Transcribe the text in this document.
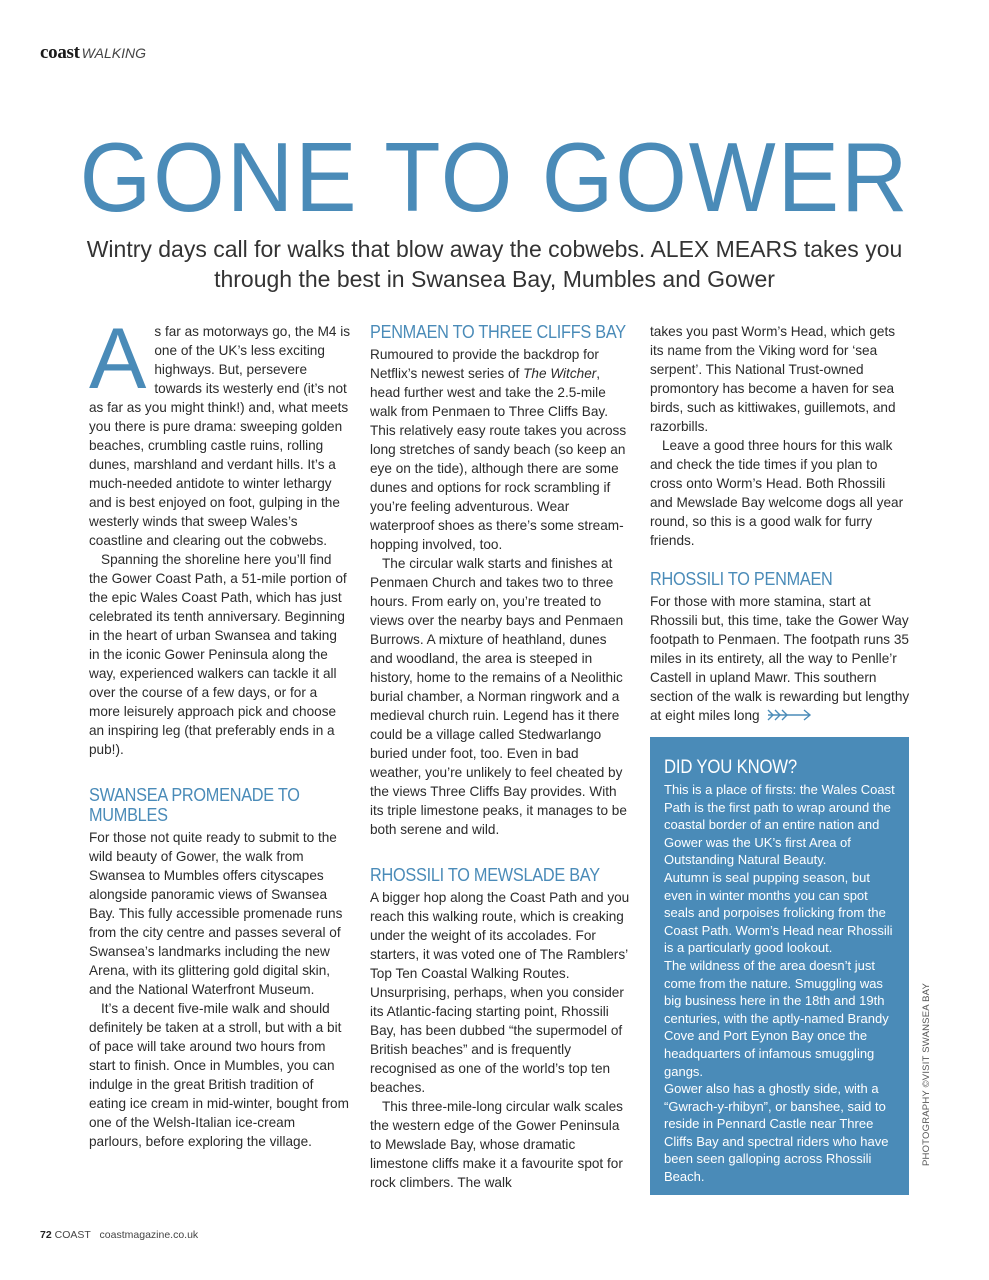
coast WALKING
GONE TO GOWER

Wintry days call for walks that blow away the cobwebs. ALEX MEARS takes you through the best in Swansea Bay, Mumbles and Gower

As far as motorways go, the M4 is one of the UK’s less exciting highways. But, persevere towards its westerly end (it’s not as far as you might think!) and, what meets you there is pure drama: sweeping golden beaches, crumbling castle ruins, rolling dunes, marshland and verdant hills. It’s a much-needed antidote to winter lethargy and is best enjoyed on foot, gulping in the westerly winds that sweep Wales’s coastline and clearing out the cobwebs.

Spanning the shoreline here you’ll find the Gower Coast Path, a 51-mile portion of the epic Wales Coast Path, which has just celebrated its tenth anniversary. Beginning in the heart of urban Swansea and taking in the iconic Gower Peninsula along the way, experienced walkers can tackle it all over the course of a few days, or for a more leisurely approach pick and choose an inspiring leg (that preferably ends in a pub!).

SWANSEA PROMENADE TO MUMBLES

For those not quite ready to submit to the wild beauty of Gower, the walk from Swansea to Mumbles offers cityscapes alongside panoramic views of Swansea Bay. This fully accessible promenade runs from the city centre and passes several of Swansea’s landmarks including the new Arena, with its glittering gold digital skin, and the National Waterfront Museum.

It’s a decent five-mile walk and should definitely be taken at a stroll, but with a bit of pace will take around two hours from start to finish. Once in Mumbles, you can indulge in the great British tradition of eating ice cream in mid-winter, bought from one of the Welsh-Italian ice-cream parlours, before exploring the village.

PENMAEN TO THREE CLIFFS BAY

Rumoured to provide the backdrop for Netflix’s newest series of The Witcher, head further west and take the 2.5-mile walk from Penmaen to Three Cliffs Bay. This relatively easy route takes you across long stretches of sandy beach (so keep an eye on the tide), although there are some dunes and options for rock scrambling if you’re feeling adventurous. Wear waterproof shoes as there’s some stream-hopping involved, too.

The circular walk starts and finishes at Penmaen Church and takes two to three hours. From early on, you’re treated to views over the nearby bays and Penmaen Burrows. A mixture of heathland, dunes and woodland, the area is steeped in history, home to the remains of a Neolithic burial chamber, a Norman ringwork and a medieval church ruin. Legend has it there could be a village called Stedwarlango buried under foot, too. Even in bad weather, you’re unlikely to feel cheated by the views Three Cliffs Bay provides. With its triple limestone peaks, it manages to be both serene and wild.

RHOSSILI TO MEWSLADE BAY

A bigger hop along the Coast Path and you reach this walking route, which is creaking under the weight of its accolades. For starters, it was voted one of The Ramblers’ Top Ten Coastal Walking Routes. Unsurprising, perhaps, when you consider its Atlantic-facing starting point, Rhossili Bay, has been dubbed “the supermodel of British beaches” and is frequently recognised as one of the world’s top ten beaches.

This three-mile-long circular walk scales the western edge of the Gower Peninsula to Mewslade Bay, whose dramatic limestone cliffs make it a favourite spot for rock climbers. The walk

takes you past Worm’s Head, which gets its name from the Viking word for ‘sea serpent’. This National Trust-owned promontory has become a haven for sea birds, such as kittiwakes, guillemots, and razorbills.

Leave a good three hours for this walk and check the tide times if you plan to cross onto Worm’s Head. Both Rhossili and Mewslade Bay welcome dogs all year round, so this is a good walk for furry friends.

RHOSSILI TO PENMAEN

For those with more stamina, start at Rhossili but, this time, take the Gower Way footpath to Penmaen. The footpath runs 35 miles in its entirety, all the way to Penlle’r Castell in upland Mawr. This southern section of the walk is rewarding but lengthy at eight miles long

DID YOU KNOW?

This is a place of firsts: the Wales Coast Path is the first path to wrap around the coastal border of an entire nation and Gower was the UK’s first Area of Outstanding Natural Beauty.

Autumn is seal pupping season, but even in winter months you can spot seals and porpoises frolicking from the Coast Path. Worm’s Head near Rhossili is a particularly good lookout.

The wildness of the area doesn’t just come from the nature. Smuggling was big business here in the 18th and 19th centuries, with the aptly-named Brandy Cove and Port Eynon Bay once the headquarters of infamous smuggling gangs.

Gower also has a ghostly side, with a “Gwrach-y-rhibyn”, or banshee, said to reside in Pennard Castle near Three Cliffs Bay and spectral riders who have been seen galloping across Rhossili Beach.

PHOTOGRAPHY ©VISIT SWANSEA BAY
72 COAST coastmagazine.co.uk
